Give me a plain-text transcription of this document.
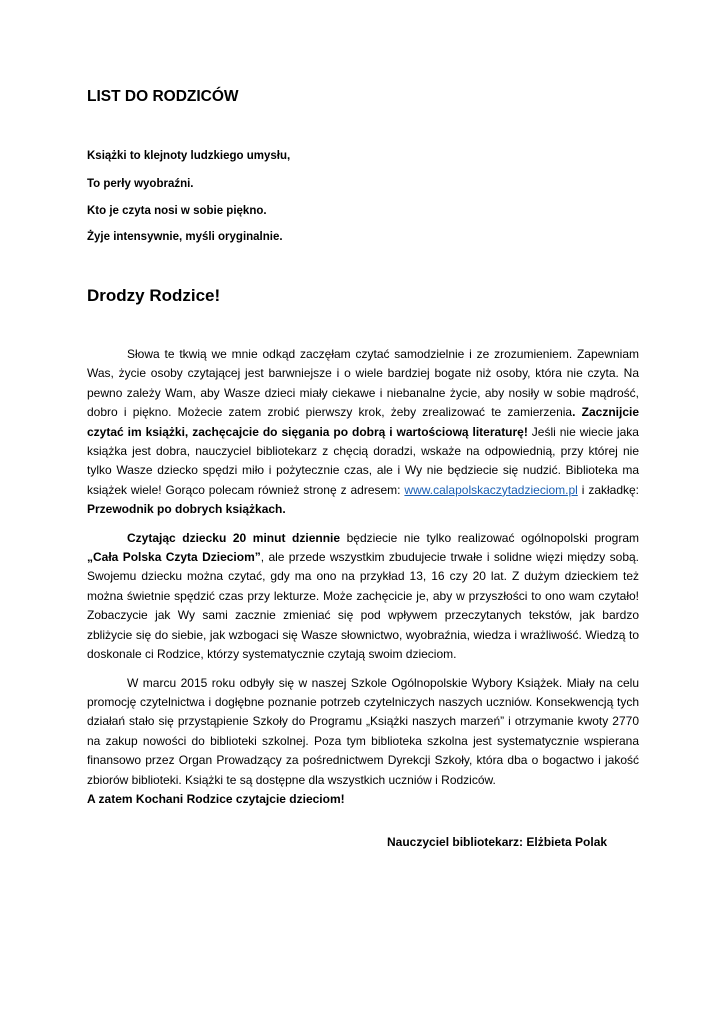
LIST DO RODZICÓW
Książki to klejnoty ludzkiego umysłu,
To perły wyobraźni.
Kto je czyta nosi w sobie piękno.
Żyje intensywnie, myśli oryginalnie.
Drodzy Rodzice!

Słowa te tkwią we mnie odkąd zaczęłam czytać samodzielnie i ze zrozumieniem. Zapewniam Was, życie osoby czytającej jest barwniejsze i o wiele bardziej bogate niż osoby, która nie czyta. Na pewno zależy Wam, aby Wasze dzieci miały ciekawe i niebanalne życie, aby nosiły w sobie mądrość, dobro i piękno. Możecie zatem zrobić pierwszy krok, żeby zrealizować te zamierzenia. Zacznijcie czytać im książki, zachęcajcie do sięgania po dobrą i wartościową literaturę! Jeśli nie wiecie jaka książka jest dobra, nauczyciel bibliotekarz z chęcią doradzi, wskaże na odpowiednią, przy której nie tylko Wasze dziecko spędzi miło i pożytecznie czas, ale i Wy nie będziecie się nudzić. Biblioteka ma książek wiele! Gorąco polecam również stronę z adresem: www.calapolskaczytadzieciom.pl i zakładkę: Przewodnik po dobrych książkach.

Czytając dziecku 20 minut dziennie będziecie nie tylko realizować ogólnopolski program „Cała Polska Czyta Dzieciom”, ale przede wszystkim zbudujecie trwałe i solidne więzi między sobą. Swojemu dziecku można czytać, gdy ma ono na przykład 13, 16 czy 20 lat. Z dużym dzieckiem też można świetnie spędzić czas przy lekturze. Może zachęcicie je, aby w przyszłości to ono wam czytało! Zobaczycie jak Wy sami zacznie zmieniać się pod wpływem przeczytanych tekstów, jak bardzo zbliżycie się do siebie, jak wzbogaci się Wasze słownictwo, wyobraźnia, wiedza i wrażliwość. Wiedzą to doskonale ci Rodzice, którzy systematycznie czytają swoim dzieciom.

W marcu 2015 roku odbyły się w naszej Szkole Ogólnopolskie Wybory Książek. Miały na celu promocję czytelnictwa i dogłębne poznanie potrzeb czytelniczych naszych uczniów. Konsekwencją tych działań stało się przystąpienie Szkoły do Programu „Książki naszych marzeń” i otrzymanie kwoty 2770 na zakup nowości do biblioteki szkolnej. Poza tym biblioteka szkolna jest systematycznie wspierana finansowo przez Organ Prowadzący za pośrednictwem Dyrekcji Szkoły, która dba o bogactwo i jakość zbiorów biblioteki. Książki te są dostępne dla wszystkich uczniów i Rodziców.
A zatem Kochani Rodzice czytajcie dzieciom!

Nauczyciel bibliotekarz: Elżbieta Polak
